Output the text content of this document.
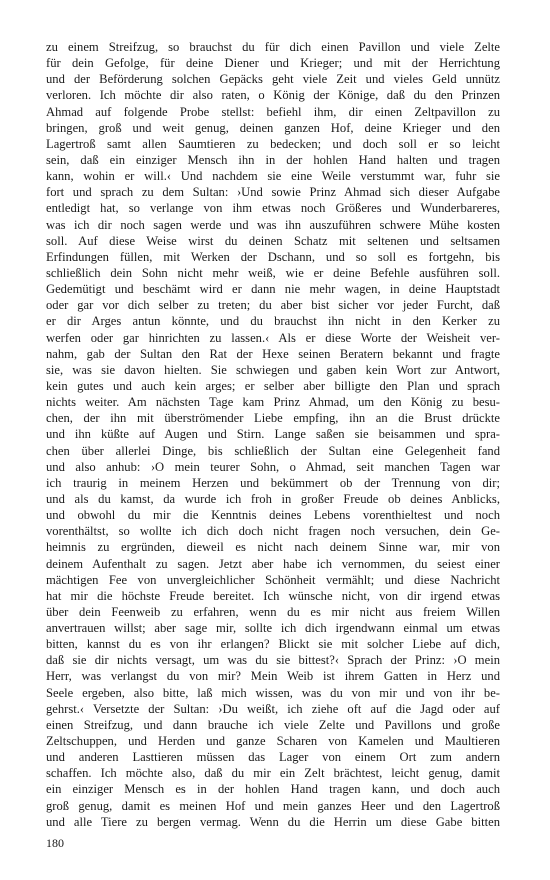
zu einem Streifzug, so brauchst du für dich einen Pavillon und viele Zelte
für dein Gefolge, für deine Diener und Krieger; und mit der Herrichtung
und der Beförderung solchen Gepäcks geht viele Zeit und vieles Geld unnütz
verloren. Ich möchte dir also raten, o König der Könige, daß du den Prinzen
Ahmad auf folgende Probe stellst: befiehl ihm, dir einen Zeltpavillon zu
bringen, groß und weit genug, deinen ganzen Hof, deine Krieger und den
Lagertroß samt allen Saumtieren zu bedecken; und doch soll er so leicht
sein, daß ein einziger Mensch ihn in der hohlen Hand halten und tragen
kann, wohin er will.‹ Und nachdem sie eine Weile verstummt war, fuhr sie
fort und sprach zu dem Sultan: ›Und sowie Prinz Ahmad sich dieser Aufgabe
entledigt hat, so verlange von ihm etwas noch Größeres und Wunderbareres,
was ich dir noch sagen werde und was ihn auszuführen schwere Mühe kosten
soll. Auf diese Weise wirst du deinen Schatz mit seltenen und seltsamen
Erfindungen füllen, mit Werken der Dschann, und so soll es fortgehn, bis
schließlich dein Sohn nicht mehr weiß, wie er deine Befehle ausführen soll.
Gedemütigt und beschämt wird er dann nie mehr wagen, in deine Hauptstadt
oder gar vor dich selber zu treten; du aber bist sicher vor jeder Furcht, daß
er dir Arges antun könnte, und du brauchst ihn nicht in den Kerker zu
werfen oder gar hinrichten zu lassen.‹ Als er diese Worte der Weisheit ver-
nahm, gab der Sultan den Rat der Hexe seinen Beratern bekannt und fragte
sie, was sie davon hielten. Sie schwiegen und gaben kein Wort zur Antwort,
kein gutes und auch kein arges; er selber aber billigte den Plan und sprach
nichts weiter. Am nächsten Tage kam Prinz Ahmad, um den König zu besu-
chen, der ihn mit überströmender Liebe empfing, ihn an die Brust drückte
und ihn küßte auf Augen und Stirn. Lange saßen sie beisammen und spra-
chen über allerlei Dinge, bis schließlich der Sultan eine Gelegenheit fand
und also anhub: ›O mein teurer Sohn, o Ahmad, seit manchen Tagen war
ich traurig in meinem Herzen und bekümmert ob der Trennung von dir;
und als du kamst, da wurde ich froh in großer Freude ob deines Anblicks,
und obwohl du mir die Kenntnis deines Lebens vorenthieltest und noch
vorenthältst, so wollte ich dich doch nicht fragen noch versuchen, dein Ge-
heimnis zu ergründen, dieweil es nicht nach deinem Sinne war, mir von
deinem Aufenthalt zu sagen. Jetzt aber habe ich vernommen, du seiest einer
mächtigen Fee von unvergleichlicher Schönheit vermählt; und diese Nachricht
hat mir die höchste Freude bereitet. Ich wünsche nicht, von dir irgend etwas
über dein Feenweib zu erfahren, wenn du es mir nicht aus freiem Willen
anvertrauen willst; aber sage mir, sollte ich dich irgendwann einmal um etwas
bitten, kannst du es von ihr erlangen? Blickt sie mit solcher Liebe auf dich,
daß sie dir nichts versagt, um was du sie bittest?‹ Sprach der Prinz: ›O mein
Herr, was verlangst du von mir? Mein Weib ist ihrem Gatten in Herz und
Seele ergeben, also bitte, laß mich wissen, was du von mir und von ihr be-
gehrst.‹ Versetzte der Sultan: ›Du weißt, ich ziehe oft auf die Jagd oder auf
einen Streifzug, und dann brauche ich viele Zelte und Pavillons und große
Zeltschuppen, und Herden und ganze Scharen von Kamelen und Maultieren
und anderen Lasttieren müssen das Lager von einem Ort zum andern
schaffen. Ich möchte also, daß du mir ein Zelt brächtest, leicht genug, damit
ein einziger Mensch es in der hohlen Hand tragen kann, und doch auch
groß genug, damit es meinen Hof und mein ganzes Heer und den Lagertroß
und alle Tiere zu bergen vermag. Wenn du die Herrin um diese Gabe bitten
180
